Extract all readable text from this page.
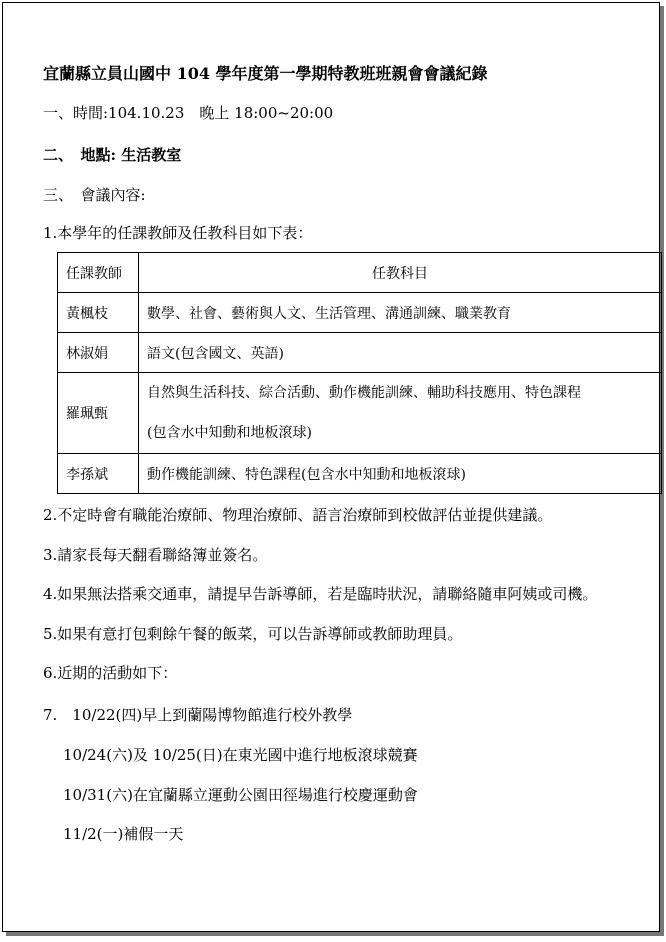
宜蘭縣立員山國中 104 學年度第一學期特教班班親會會議紀錄
一、時間:104.10.23　晚上 18:00~20:00
二、　地點: 生活教室
三、　會議內容:
1.本學年的任課教師及任教科目如下表：
任課教師	任教科目
黃楓枝	數學、社會、藝術與人文、生活管理、溝通訓練、職業教育
林淑娟	語文(包含國文、英語)
羅珮甄	自然與生活科技、綜合活動、動作機能訓練、輔助科技應用、特色課程
(包含水中知動和地板滾球)

李孫斌	動作機能訓練、特色課程(包含水中知動和地板滾球)
2.不定時會有職能治療師、物理治療師、語言治療師到校做評估並提供建議。
3.請家長每天翻看聯絡簿並簽名。
4.如果無法搭乘交通車，請提早告訴導師，若是臨時狀況，請聯絡隨車阿姨或司機。
5.如果有意打包剩餘午餐的飯菜，可以告訴導師或教師助理員。
6.近期的活動如下：
7.　10/22(四)早上到蘭陽博物館進行校外教學
10/24(六)及 10/25(日)在東光國中進行地板滾球競賽
10/31(六)在宜蘭縣立運動公園田徑場進行校慶運動會
11/2(一)補假一天
